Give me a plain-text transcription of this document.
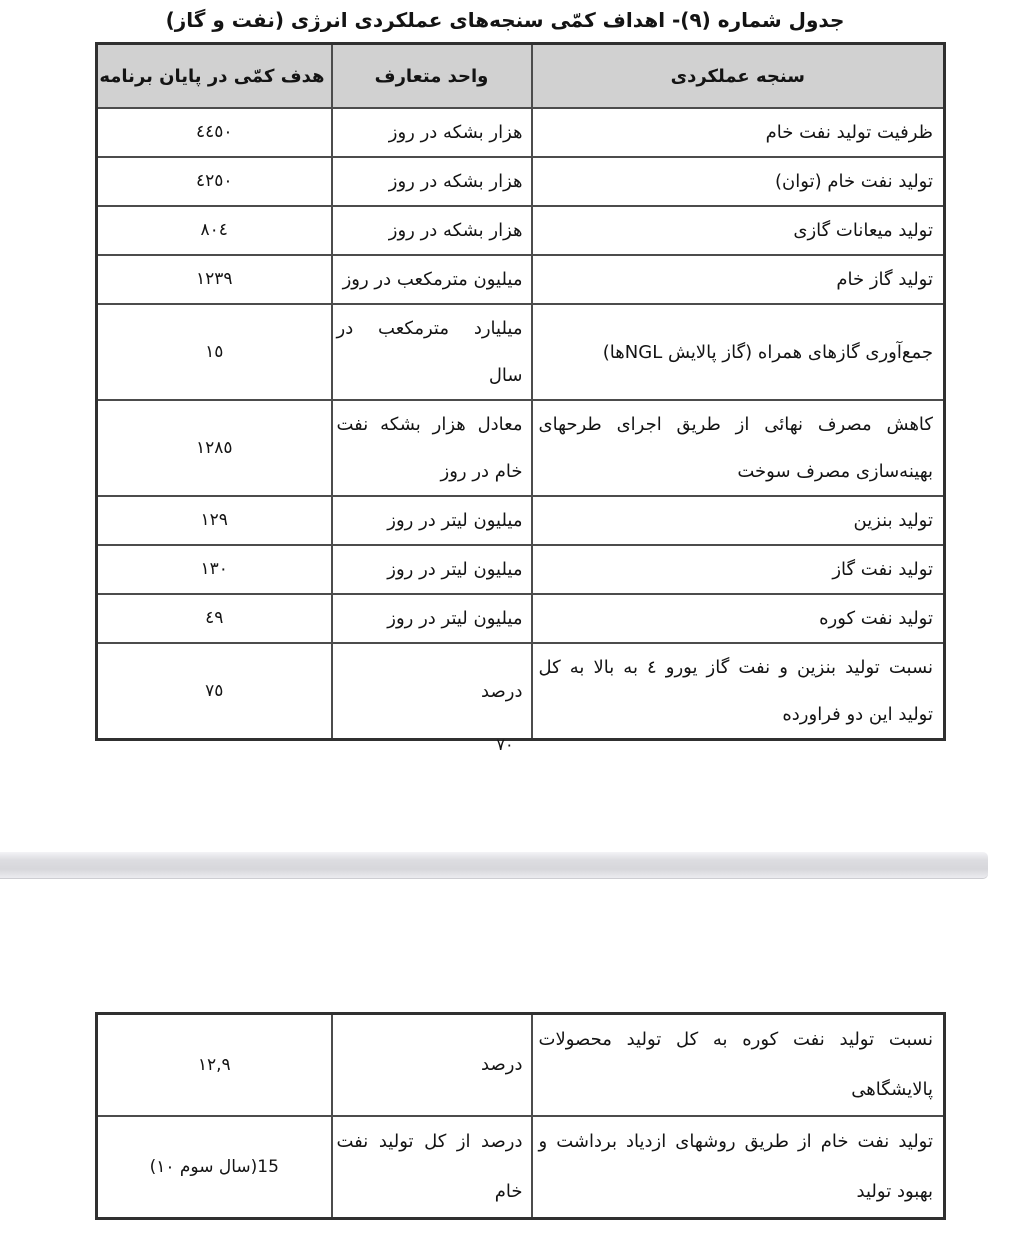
جدول شماره (٩)- اهداف کمّی سنجه‌های عملکردی انرژی (نفت و گاز)
سنجه عملکردی	واحد متعارف	هدف کمّی در پایان برنامه
ظرفیت تولید نفت خام	هزار بشکه در روز	٤٤٥٠
تولید نفت خام (توان)	هزار بشکه در روز	٤٢٥٠
تولید میعانات گازی	هزار بشکه در روز	٨٠٤
تولید گاز خام	میلیون مترمکعب در روز	١٢٣٩
جمع‌آوری گازهای همراه (گاز پالایش NGLها)	میلیارد مترمکعب در سال	١٥
کاهش مصرف نهائی از طریق اجرای طرحهای بهینه‌سازی مصرف سوخت	معادل هزار بشکه نفت خام در روز	١٢٨٥
تولید بنزین	میلیون لیتر در روز	١٢٩
تولید نفت گاز	میلیون لیتر در روز	١٣٠
تولید نفت کوره	میلیون لیتر در روز	٤٩
نسبت تولید بنزین و نفت گاز یورو ٤ به بالا به کل تولید این دو فراورده	درصد	٧٥
٧٠
نسبت تولید نفت کوره به کل تولید محصولات پالایشگاهی	درصد	١٢,٩
تولید نفت خام از طریق روشهای ازدیاد برداشت و بهبود تولید	درصد از کل تولید نفت خام	15(سال سوم ١٠)
